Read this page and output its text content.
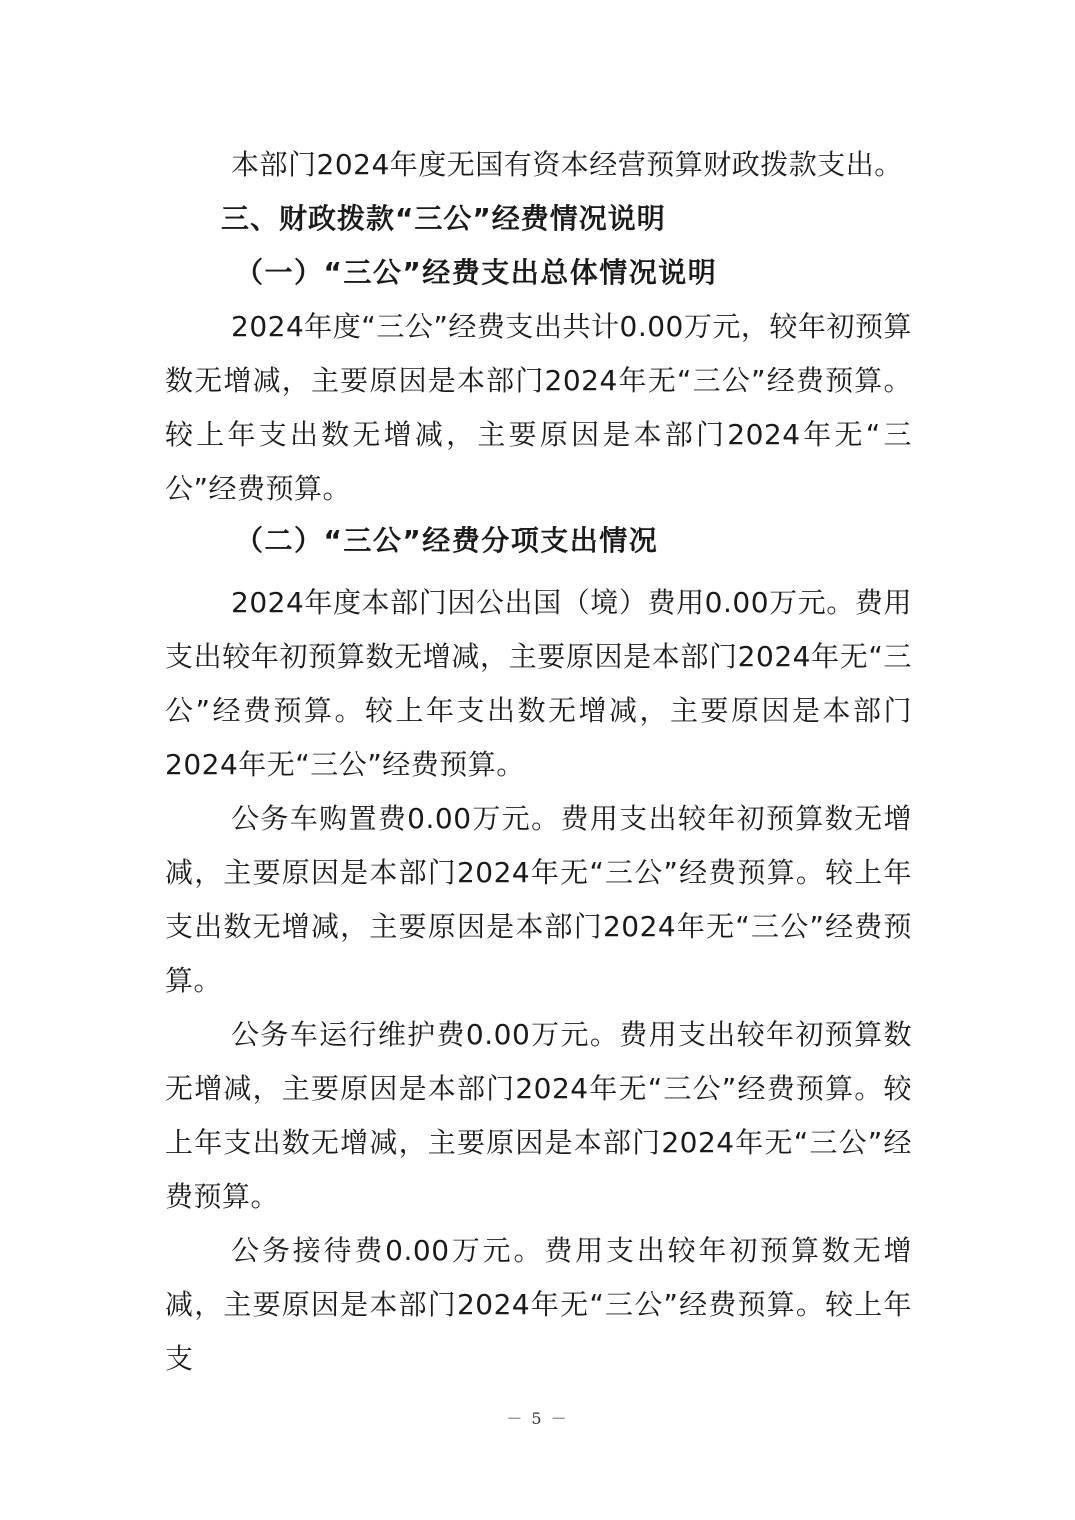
本部门2024年度无国有资本经营预算财政拨款支出。

三、财政拨款“三公”经费情况说明

（一）“三公”经费支出总体情况说明

2024年度“三公”经费支出共计0.00万元，较年初预算数无增减，主要原因是本部门2024年无“三公”经费预算。较上年支出数无增减，主要原因是本部门2024年无“三公”经费预算。

（二）“三公”经费分项支出情况

2024年度本部门因公出国（境）费用0.00万元。费用支出较年初预算数无增减，主要原因是本部门2024年无“三公”经费预算。较上年支出数无增减，主要原因是本部门2024年无“三公”经费预算。

公务车购置费0.00万元。费用支出较年初预算数无增减，主要原因是本部门2024年无“三公”经费预算。较上年支出数无增减，主要原因是本部门2024年无“三公”经费预算。

公务车运行维护费0.00万元。费用支出较年初预算数无增减，主要原因是本部门2024年无“三公”经费预算。较上年支出数无增减，主要原因是本部门2024年无“三公”经费预算。

公务接待费0.00万元。费用支出较年初预算数无增减，主要原因是本部门2024年无“三公”经费预算。较上年支

－ 5 －
